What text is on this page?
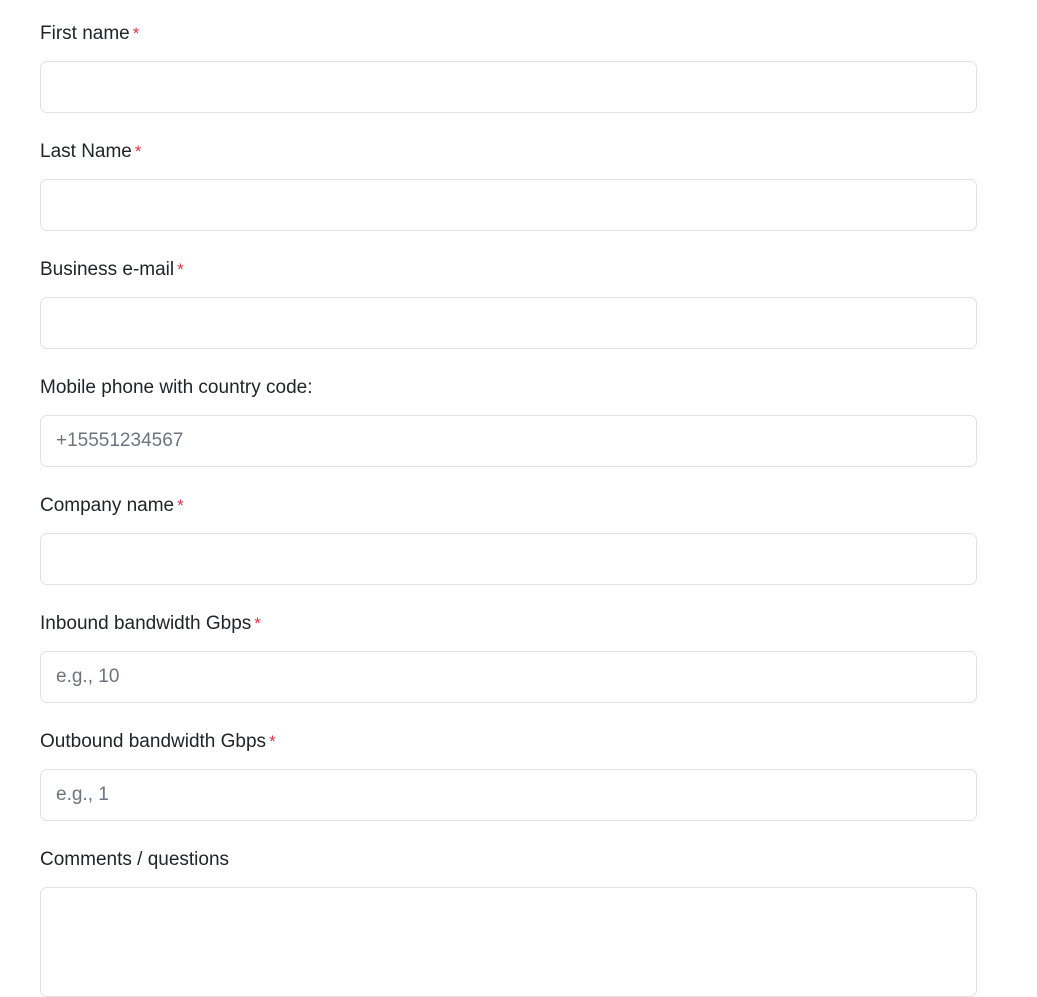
First name *
Last Name *
Business e-mail *
Mobile phone with country code:
+15551234567
Company name *
Inbound bandwidth Gbps *
e.g., 10
Outbound bandwidth Gbps *
e.g., 1
Comments / questions
